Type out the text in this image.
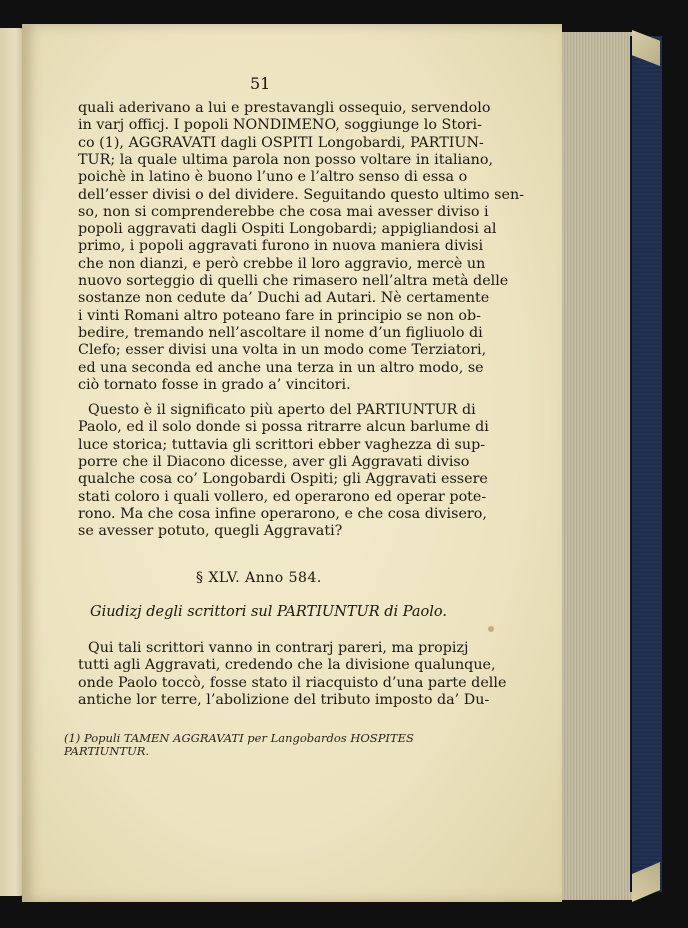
51
quali aderivano a lui e prestavangli ossequio, servendolo
in varj officj. I popoli NONDIMENO, soggiunge lo Stori-
co (1), AGGRAVATI dagli OSPITI Longobardi, PARTIUN-
TUR; la quale ultima parola non posso voltare in italiano,
poichè in latino è buono l’uno e l’altro senso di essa o
dell’esser divisi o del dividere. Seguitando questo ultimo sen-
so, non si comprenderebbe che cosa mai avesser diviso i
popoli aggravati dagli Ospiti Longobardi; appigliandosi al
primo, i popoli aggravati furono in nuova maniera divisi
che non dianzi, e però crebbe il loro aggravio, mercè un
nuovo sorteggio di quelli che rimasero nell’altra metà delle
sostanze non cedute da’ Duchi ad Autari. Nè certamente
i vinti Romani altro poteano fare in principio se non ob-
bedire, tremando nell’ascoltare il nome d’un figliuolo di
Clefo; esser divisi una volta in un modo come Terziatori,
ed una seconda ed anche una terza in un altro modo, se
ciò tornato fosse in grado a’ vincitori.
Questo è il significato più aperto del PARTIUNTUR di
Paolo, ed il solo donde si possa ritrarre alcun barlume di
luce storica; tuttavia gli scrittori ebber vaghezza di sup-
porre che il Diacono dicesse, aver gli Aggravati diviso
qualche cosa co’ Longobardi Ospiti; gli Aggravati essere
stati coloro i quali vollero, ed operarono ed operar pote-
rono. Ma che cosa infine operarono, e che cosa divisero,
se avesser potuto, quegli Aggravati?
§ XLV. Anno 584.
Giudizj degli scrittori sul PARTIUNTUR di Paolo.
Qui tali scrittori vanno in contrarj pareri, ma propizj
tutti agli Aggravati, credendo che la divisione qualunque,
onde Paolo toccò, fosse stato il riacquisto d’una parte delle
antiche lor terre, l’abolizione del tributo imposto da’ Du-
(1) Populi TAMEN AGGRAVATI per Langobardos HOSPITES
PARTIUNTUR.
